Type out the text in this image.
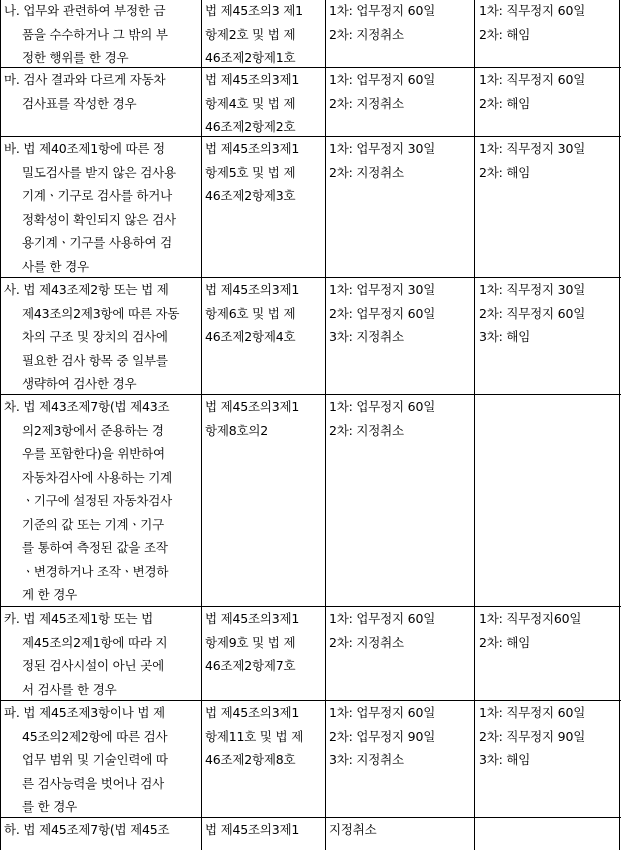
나. 업무와 관련하여 부정한 금
품을 수수하거나 그 밖의 부
정한 행위를 한 경우
법 제45조의3 제1
항제2호 및 법 제
46조제2항제1호
1차: 업무정지 60일
2차: 지정취소
1차: 직무정지 60일
2차: 해임
마. 검사 결과와 다르게 자동차
검사표를 작성한 경우
법 제45조의3제1
항제4호 및 법 제
46조제2항제2호
1차: 업무정지 60일
2차: 지정취소
1차: 직무정지 60일
2차: 해임
바. 법 제40조제1항에 따른 정
밀도검사를 받지 않은 검사용
기계ㆍ기구로 검사를 하거나
정확성이 확인되지 않은 검사
용기계ㆍ기구를 사용하여 검
사를 한 경우
법 제45조의3제1
항제5호 및 법 제
46조제2항제3호
1차: 업무정지 30일
2차: 지정취소
1차: 직무정지 30일
2차: 해임
사. 법 제43조제2항 또는 법 제
제43조의2제3항에 따른 자동
차의 구조 및 장치의 검사에
필요한 검사 항목 중 일부를
생략하여 검사한 경우
법 제45조의3제1
항제6호 및 법 제
46조제2항제4호
1차: 업무정지 30일
2차: 업무정지 60일
3차: 지정취소
1차: 직무정지 30일
2차: 직무정지 60일
3차: 해임
차. 법 제43조제7항(법 제43조
의2제3항에서 준용하는 경
우를 포함한다)을 위반하여
자동차검사에 사용하는 기계
ㆍ기구에 설정된 자동차검사
기준의 값 또는 기계ㆍ기구
를 통하여 측정된 값을 조작
ㆍ변경하거나 조작ㆍ변경하
게 한 경우
법 제45조의3제1
항제8호의2
1차: 업무정지 60일
2차: 지정취소
카. 법 제45조제1항 또는 법
제45조의2제1항에 따라 지
정된 검사시설이 아닌 곳에
서 검사를 한 경우
법 제45조의3제1
항제9호 및 법 제
46조제2항제7호
1차: 업무정지 60일
2차: 지정취소
1차: 직무정지60일
2차: 해임
파. 법 제45조제3항이나 법 제
45조의2제2항에 따른 검사
업무 범위 및 기술인력에 따
른 검사능력을 벗어나 검사
를 한 경우
법 제45조의3제1
항제11호 및 법 제
46조제2항제8호
1차: 업무정지 60일
2차: 업무정지 90일
3차: 지정취소
1차: 직무정지 60일
2차: 직무정지 90일
3차: 해임
하. 법 제45조제7항(법 제45조	법 제45조의3제1	지정취소
